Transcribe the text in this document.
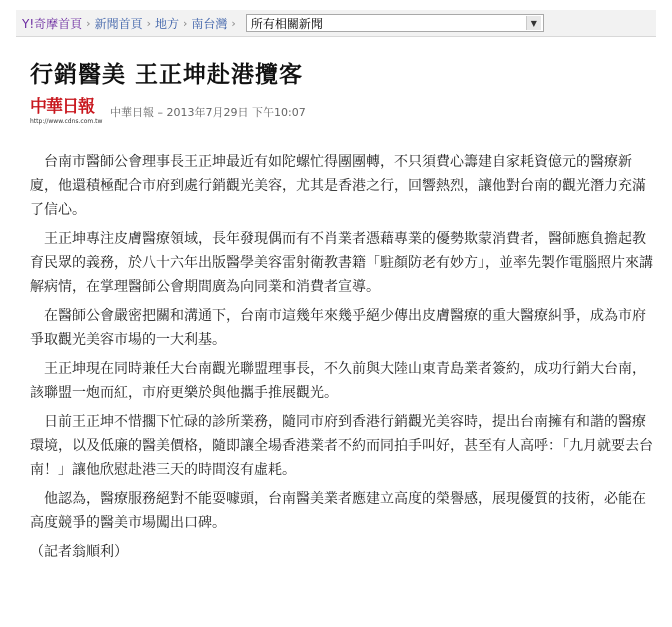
Y!奇摩首頁 › 新聞首頁 › 地方 › 南台灣 › 所有相關新聞	▼
行銷醫美 王正坤赴港攬客
中華日報
http://www.cdns.com.tw
中華日報 – 2013年7月29日 下午10:07

台南市醫師公會理事長王正坤最近有如陀螺忙得團團轉，不只須費心籌建自家耗資億元的醫療新廈，他還積極配合市府到處行銷觀光美容，尤其是香港之行，回響熱烈，讓他對台南的觀光潛力充滿了信心。

王正坤專注皮膚醫療領域，長年發現偶而有不肖業者憑藉專業的優勢欺蒙消費者，醫師應負擔起教育民眾的義務，於八十六年出版醫學美容雷射衛教書籍「駐顏防老有妙方」，並率先製作電腦照片來講解病情，在掌理醫師公會期間廣為向同業和消費者宣導。

在醫師公會嚴密把關和溝通下，台南市這幾年來幾乎絕少傳出皮膚醫療的重大醫療糾爭，成為市府爭取觀光美容市場的一大利基。

王正坤現在同時兼任大台南觀光聯盟理事長，不久前與大陸山東青島業者簽約，成功行銷大台南，該聯盟一炮而紅，市府更樂於與他攜手推展觀光。

日前王正坤不惜擱下忙碌的診所業務，隨同市府到香港行銷觀光美容時，提出台南擁有和諧的醫療環境，以及低廉的醫美價格，隨即讓全場香港業者不約而同拍手叫好，甚至有人高呼：「九月就要去台南！」讓他欣慰赴港三天的時間沒有虛耗。

他認為，醫療服務絕對不能耍噱頭，台南醫美業者應建立高度的榮譽感，展現優質的技術，必能在高度競爭的醫美市場闖出口碑。

（記者翁順利）
